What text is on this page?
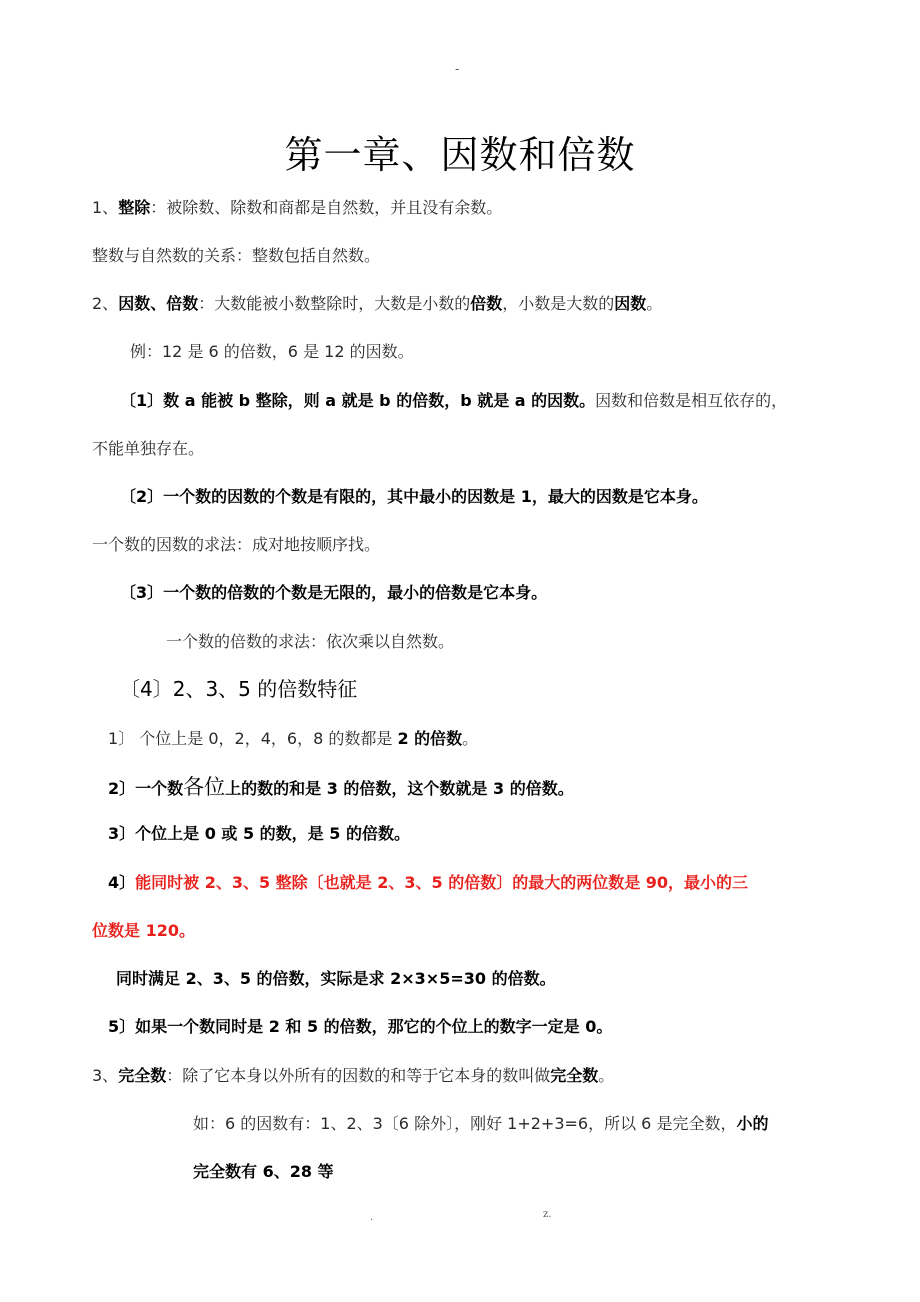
-
第一章、因数和倍数
1、整除：被除数、除数和商都是自然数，并且没有余数。
整数与自然数的关系：整数包括自然数。
2、因数、倍数：大数能被小数整除时，大数是小数的倍数，小数是大数的因数。
例：12 是 6 的倍数，6 是 12 的因数。
〔1〕数 a 能被 b 整除，则 a 就是 b 的倍数，b 就是 a 的因数。因数和倍数是相互依存的，
不能单独存在。
〔2〕一个数的因数的个数是有限的，其中最小的因数是 1，最大的因数是它本身。
一个数的因数的求法：成对地按顺序找。
〔3〕一个数的倍数的个数是无限的，最小的倍数是它本身。
一个数的倍数的求法：依次乘以自然数。
〔4〕2、3、5 的倍数特征
1〕 个位上是 0，2，4，6，8 的数都是 2 的倍数。
2〕一个数各位上的数的和是 3 的倍数，这个数就是 3 的倍数。
3〕个位上是 0 或 5 的数，是 5 的倍数。
4〕能同时被 2、3、5 整除〔也就是 2、3、5 的倍数〕的最大的两位数是 90，最小的三
位数是 120。
同时满足 2、3、5 的倍数，实际是求 2×3×5=30 的倍数。
5〕如果一个数同时是 2 和 5 的倍数，那它的个位上的数字一定是 0。
3、完全数：除了它本身以外所有的因数的和等于它本身的数叫做完全数。
如：6 的因数有：1、2、3〔6 除外〕，刚好 1+2+3=6，所以 6 是完全数，小的
完全数有 6、28 等
.	z.
